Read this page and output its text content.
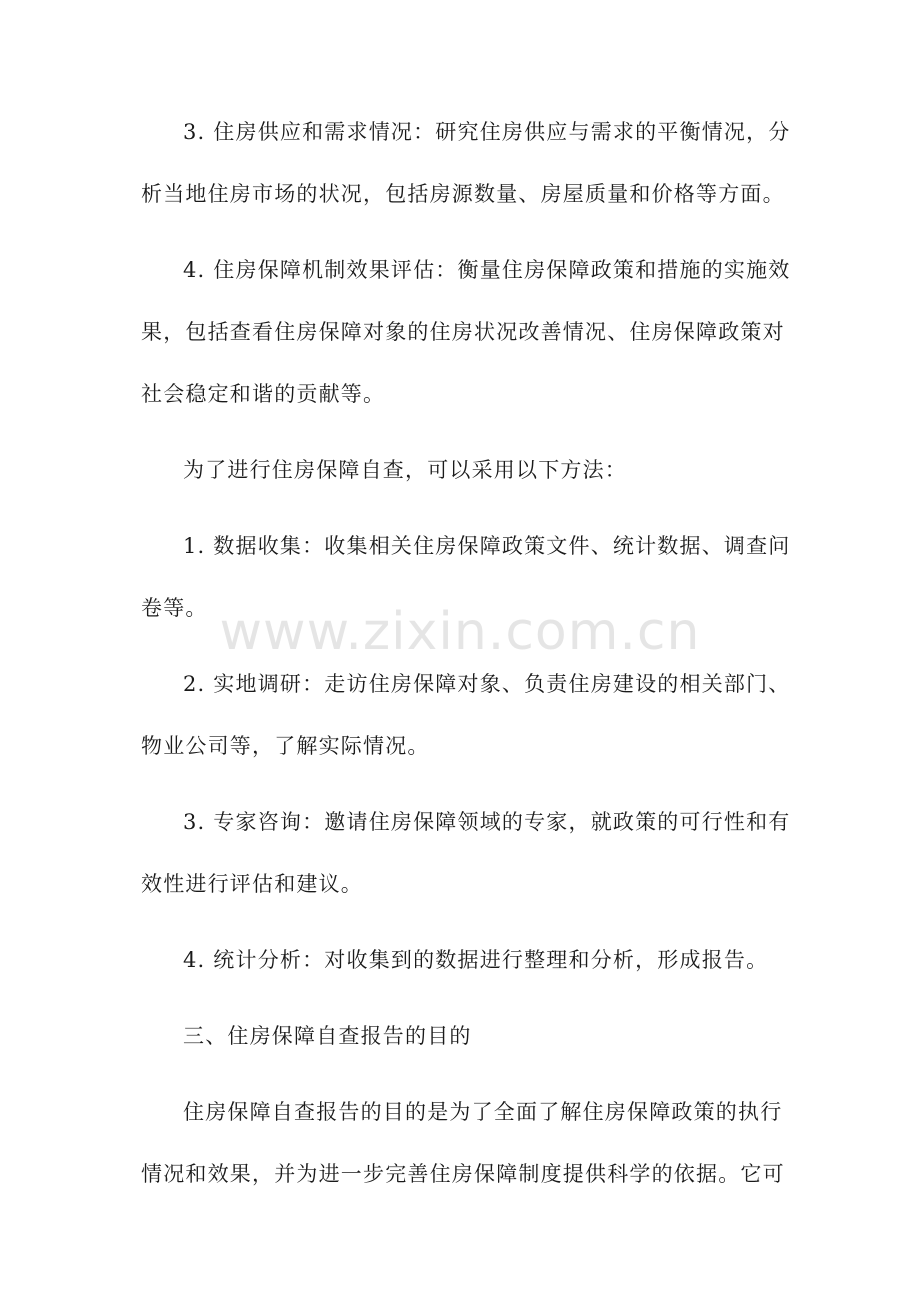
3. 住房供应和需求情况：研究住房供应与需求的平衡情况，分
析当地住房市场的状况，包括房源数量、房屋质量和价格等方面。
4. 住房保障机制效果评估：衡量住房保障政策和措施的实施效
果，包括查看住房保障对象的住房状况改善情况、住房保障政策对
社会稳定和谐的贡献等。
为了进行住房保障自查，可以采用以下方法：
1. 数据收集：收集相关住房保障政策文件、统计数据、调查问
卷等。
2. 实地调研：走访住房保障对象、负责住房建设的相关部门、
物业公司等，了解实际情况。
3. 专家咨询：邀请住房保障领域的专家，就政策的可行性和有
效性进行评估和建议。
4. 统计分析：对收集到的数据进行整理和分析，形成报告。
三、住房保障自查报告的目的
住房保障自查报告的目的是为了全面了解住房保障政策的执行
情况和效果，并为进一步完善住房保障制度提供科学的依据。它可
www.zixin.com.cn
